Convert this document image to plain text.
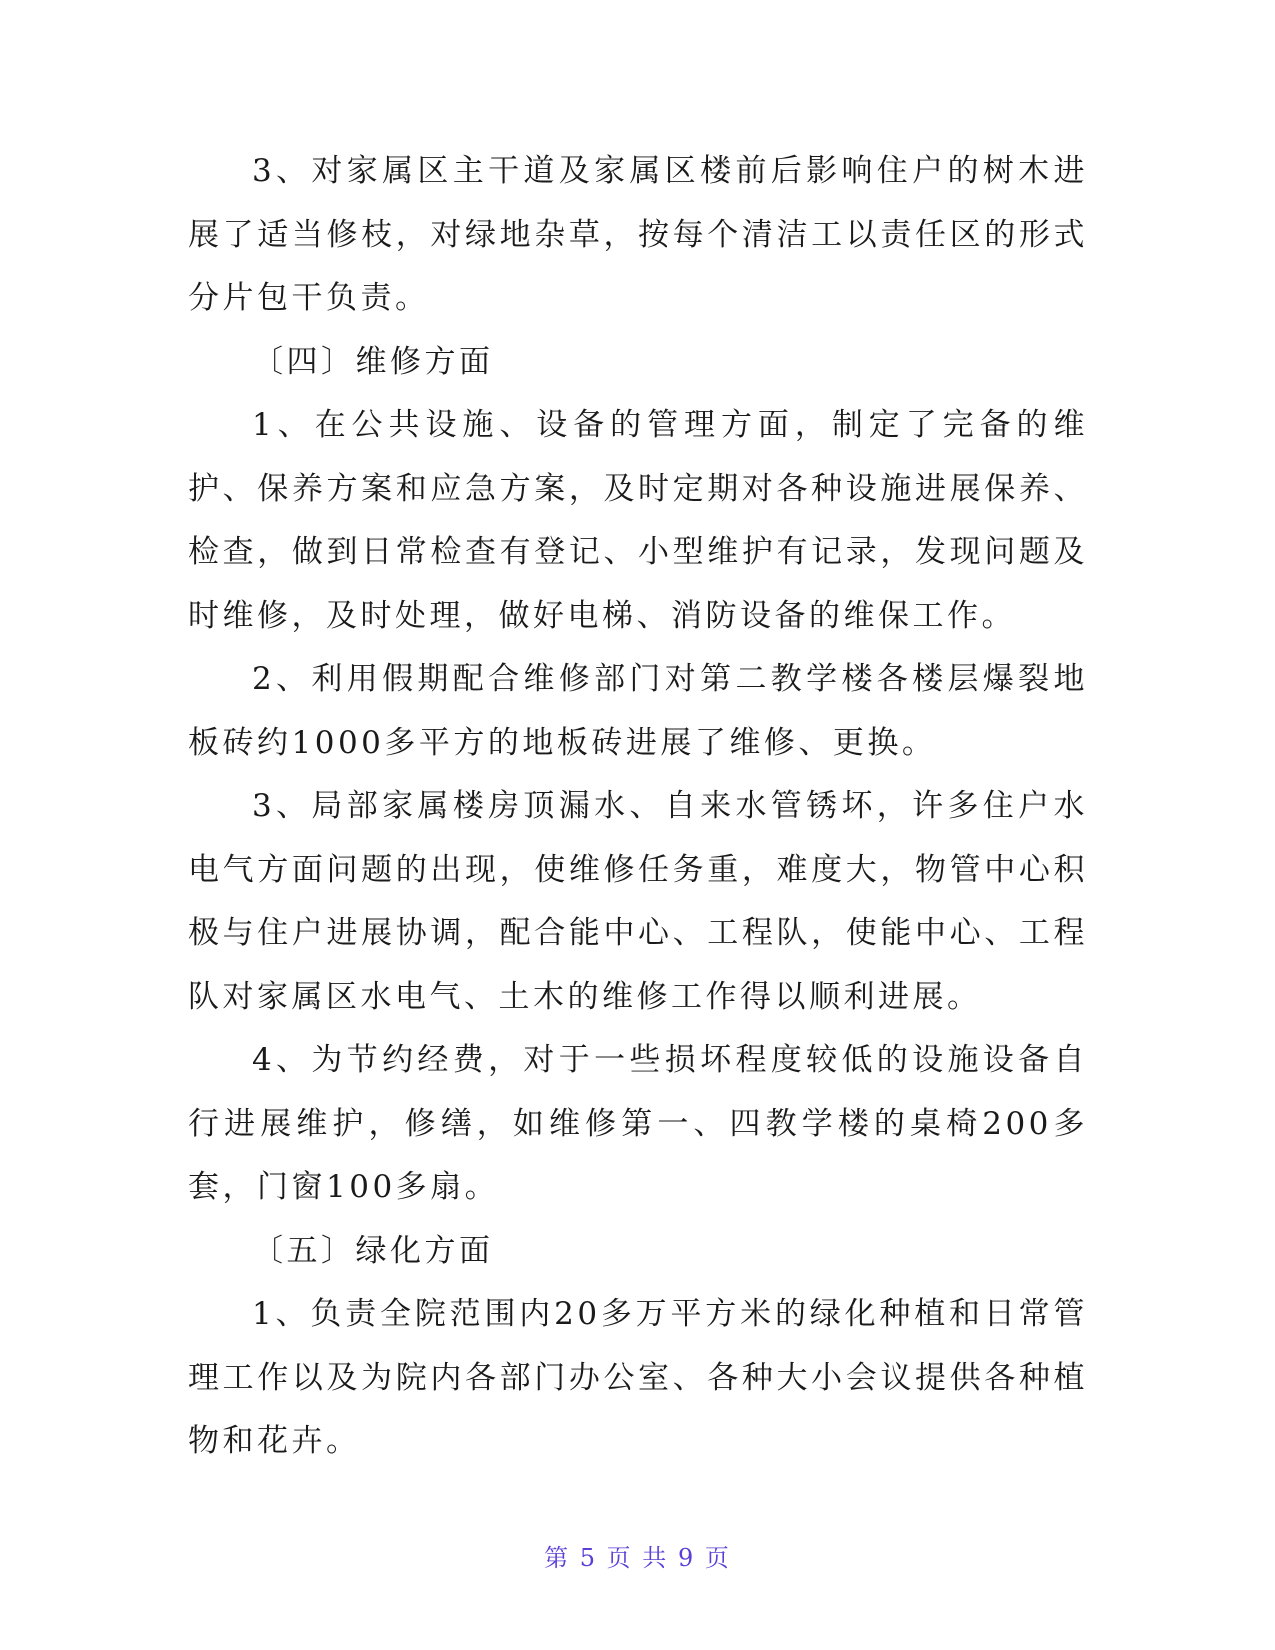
3、对家属区主干道及家属区楼前后影响住户的树木进展了适当修枝，对绿地杂草，按每个清洁工以责任区的形式分片包干负责。

〔四〕维修方面

1、在公共设施、设备的管理方面，制定了完备的维护、保养方案和应急方案，及时定期对各种设施进展保养、检查，做到日常检查有登记、小型维护有记录，发现问题及时维修，及时处理，做好电梯、消防设备的维保工作。

2、利用假期配合维修部门对第二教学楼各楼层爆裂地板砖约1000多平方的地板砖进展了维修、更换。

3、局部家属楼房顶漏水、自来水管锈坏，许多住户水电气方面问题的出现，使维修任务重，难度大，物管中心积极与住户进展协调，配合能中心、工程队，使能中心、工程队对家属区水电气、土木的维修工作得以顺利进展。

4、为节约经费，对于一些损坏程度较低的设施设备自行进展维护，修缮，如维修第一、四教学楼的桌椅200多套，门窗100多扇。

〔五〕绿化方面

1、负责全院范围内20多万平方米的绿化种植和日常管理工作以及为院内各部门办公室、各种大小会议提供各种植物和花卉。

第 5 页 共 9 页
